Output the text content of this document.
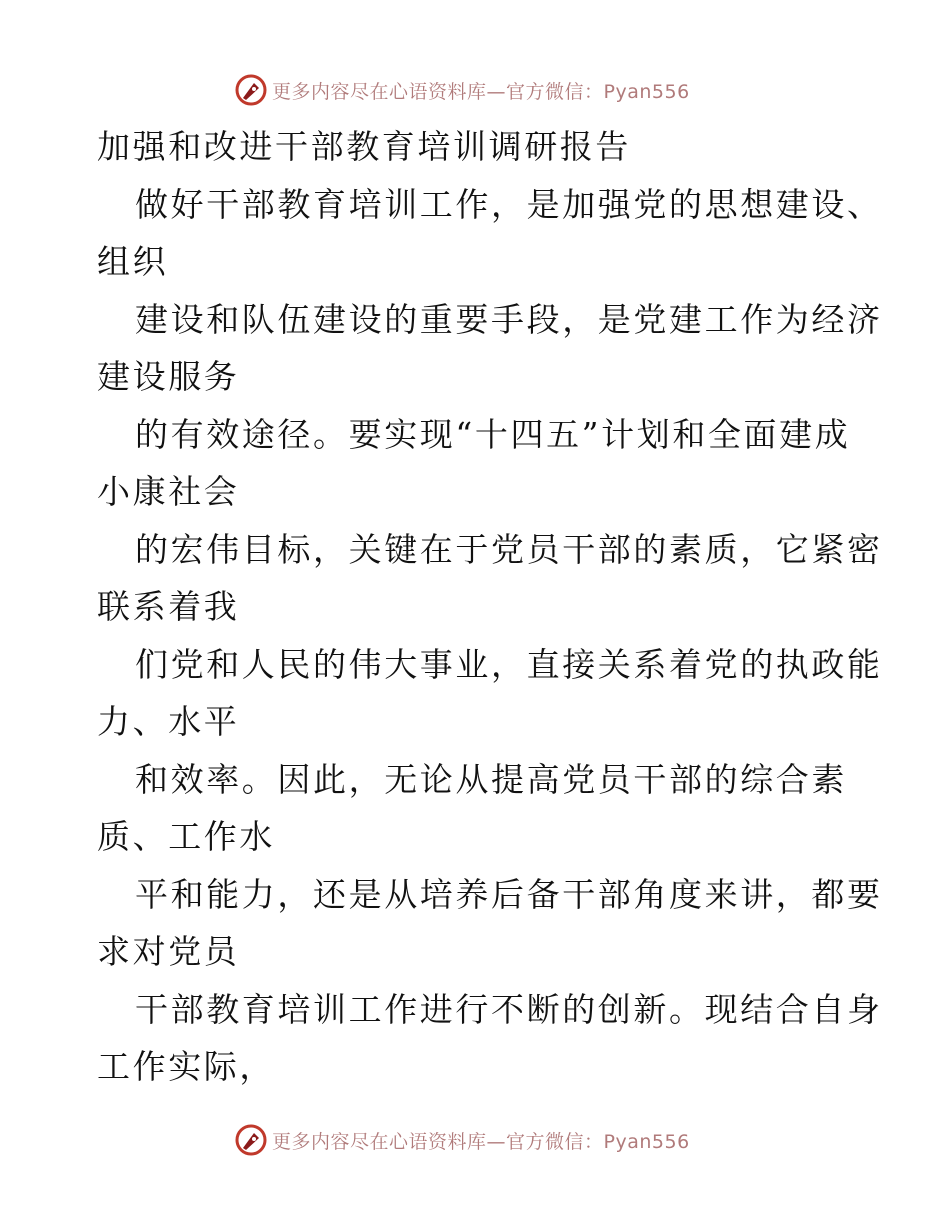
更多内容尽在心语资料库—官方微信：Pyan556
加强和改进干部教育培训调研报告
做好干部教育培训工作，是加强党的思想建设、
组织
建设和队伍建设的重要手段，是党建工作为经济
建设服务
的有效途径。要实现“十四五”计划和全面建成
小康社会
的宏伟目标，关键在于党员干部的素质，它紧密
联系着我
们党和人民的伟大事业，直接关系着党的执政能
力、水平
和效率。因此，无论从提高党员干部的综合素
质、工作水
平和能力，还是从培养后备干部角度来讲，都要
求对党员
干部教育培训工作进行不断的创新。现结合自身
工作实际，
更多内容尽在心语资料库—官方微信：Pyan556
